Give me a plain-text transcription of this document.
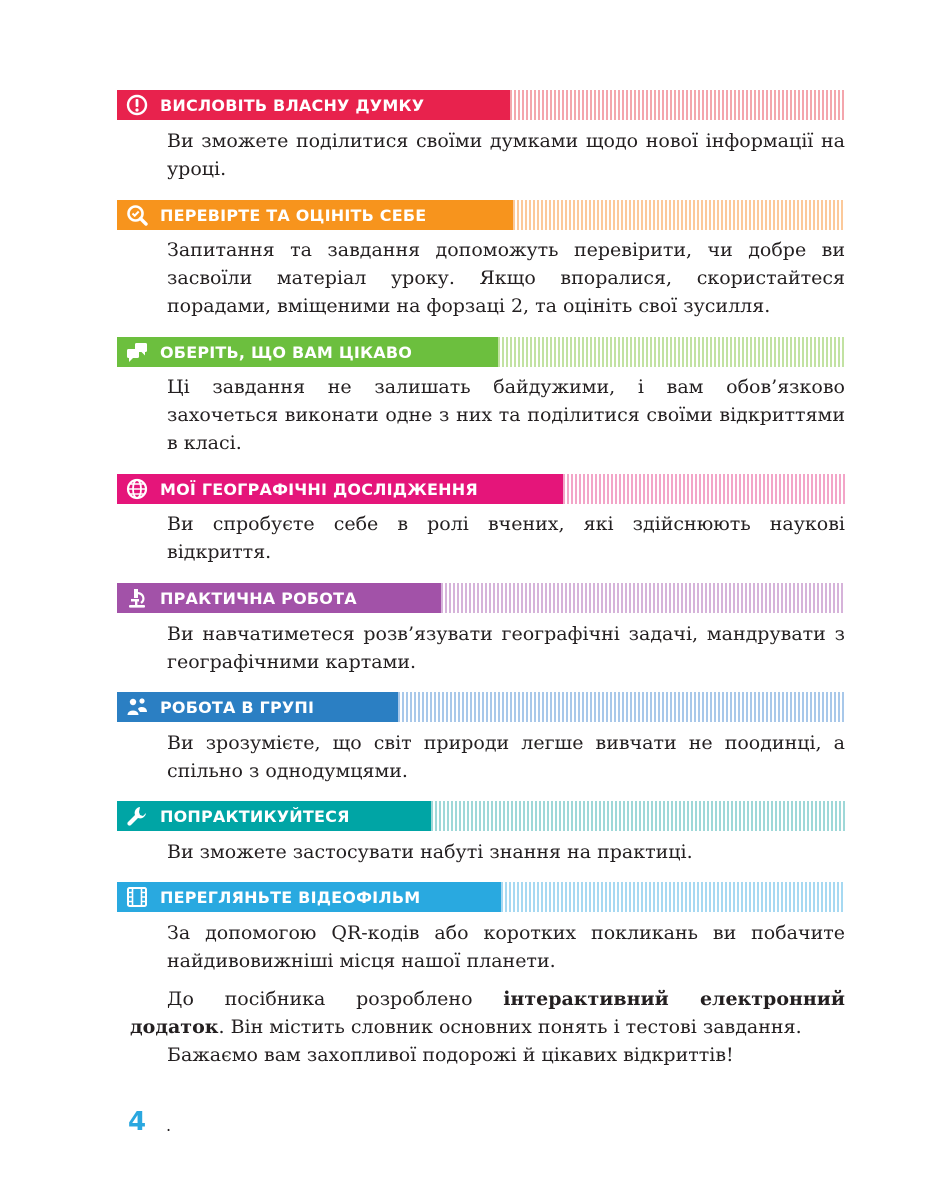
ВИСЛОВІТЬ ВЛАСНУ ДУМКУ

Ви зможете поділитися своїми думками щодо нової інформації на уроці.

ПЕРЕВІРТЕ ТА ОЦІНІТЬ СЕБЕ

Запитання та завдання допоможуть перевірити, чи добре ви засвоїли матеріал уроку. Якщо впоралися, скористайтеся порадами, вміщеними на форзаці 2, та оцініть свої зусилля.

ОБЕРІТЬ, ЩО ВАМ ЦІКАВО

Ці завдання не залишать байдужими, і вам обов’язково захочеться виконати одне з них та поділитися своїми відкриттями в класі.

МОЇ ГЕОГРАФІЧНІ ДОСЛІДЖЕННЯ

Ви спробуєте себе в ролі вчених, які здійснюють наукові відкриття.

ПРАКТИЧНА РОБОТА

Ви навчатиметеся розв’язувати географічні задачі, мандрувати з географічними картами.

РОБОТА В ГРУПІ

Ви зрозумієте, що світ природи легше вивчати не поодинці, а спільно з однодумцями.

ПОПРАКТИКУЙТЕСЯ

Ви зможете застосувати набуті знання на практиці.

ПЕРЕГЛЯНЬТЕ ВІДЕОФІЛЬМ

За допомогою QR-кодів або коротких покликань ви побачите найдивовижніші місця нашої планети.

До посібника розроблено інтерактивний електронний додаток. Він містить словник основних понять і тестові завдання.

Бажаємо вам захопливої подорожі й цікавих відкриттів!

4 .
